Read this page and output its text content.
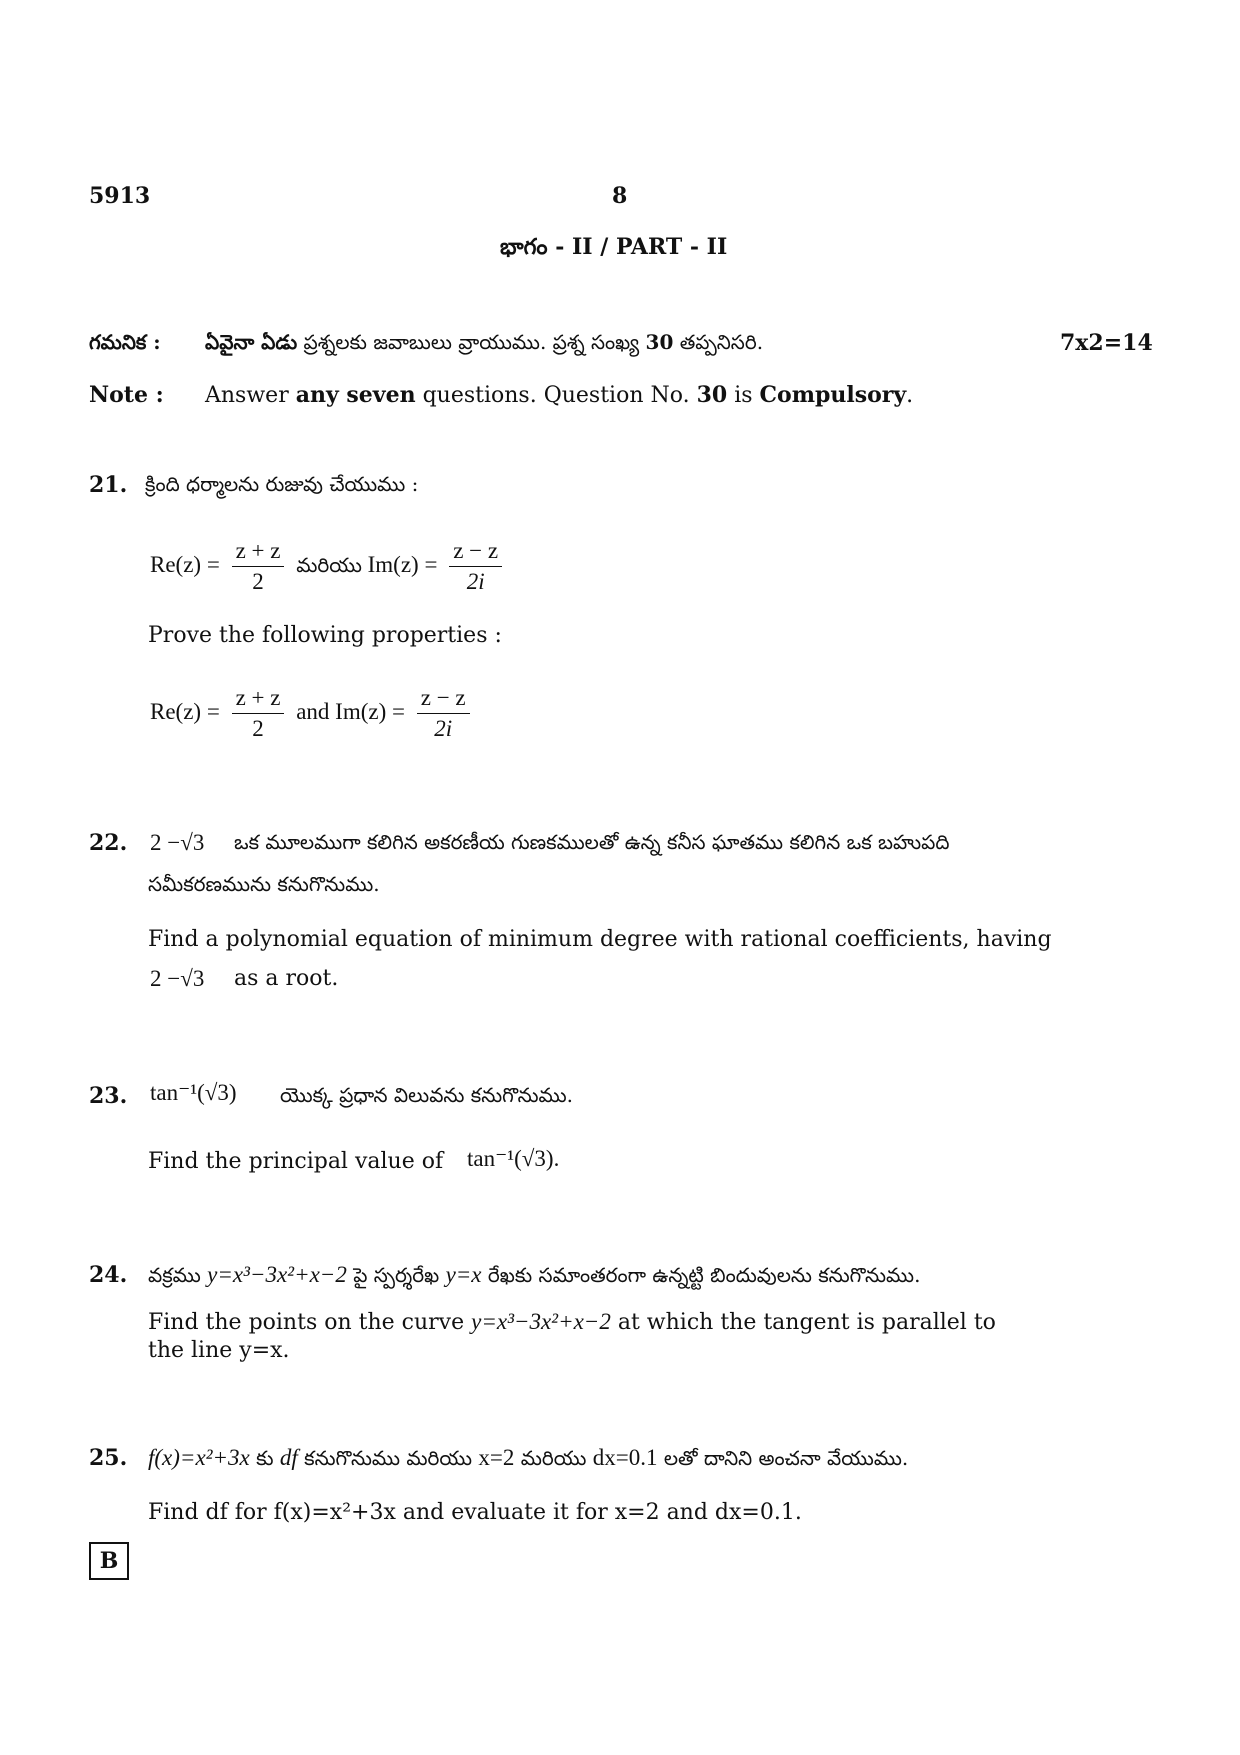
5913	8
భాగం - II / PART - II
గమనిక : ఏవైనా ఏడు ప్రశ్నలకు జవాబులు వ్రాయుము. ప్రశ్న సంఖ్య 30 తప్పనిసరి.	7x2=14
Note : Answer any seven questions. Question No. 30 is Compulsory.
21. క్రింది ధర్మాలను రుజువు చేయుము :
$Re(z) = \frac{z + z}{2}$ మరియు $Im(z) = \frac{z - z}{2i}$
Prove the following properties :
$Re(z) = \frac{z + z}{2}$ and $Im(z) = \frac{z - z}{2i}$
22. 2 −√3 ఒక మూలముగా కలిగిన అకరణీయ గుణకములతో ఉన్న కనీస ఘాతము కలిగిన ఒక బహుపది
సమీకరణమును కనుగొనుము.
Find a polynomial equation of minimum degree with rational coefficients, having
2 −√3 as a root.
23. tan⁻¹(√3) యొక్క ప్రధాన విలువను కనుగొనుము.
Find the principal value of tan⁻¹(√3).
24. వక్రము y=x³−3x²+x−2 పై స్పర్శరేఖ y=x రేఖకు సమాంతరంగా ఉన్నట్టి బిందువులను కనుగొనుము.
Find the points on the curve y=x³−3x²+x−2 at which the tangent is parallel to
the line y=x.
25. f(x)=x²+3x కు df కనుగొనుము మరియు x=2 మరియు dx=0.1 లతో దానిని అంచనా వేయుము.
Find df for f(x)=x²+3x and evaluate it for x=2 and dx=0.1.
B
